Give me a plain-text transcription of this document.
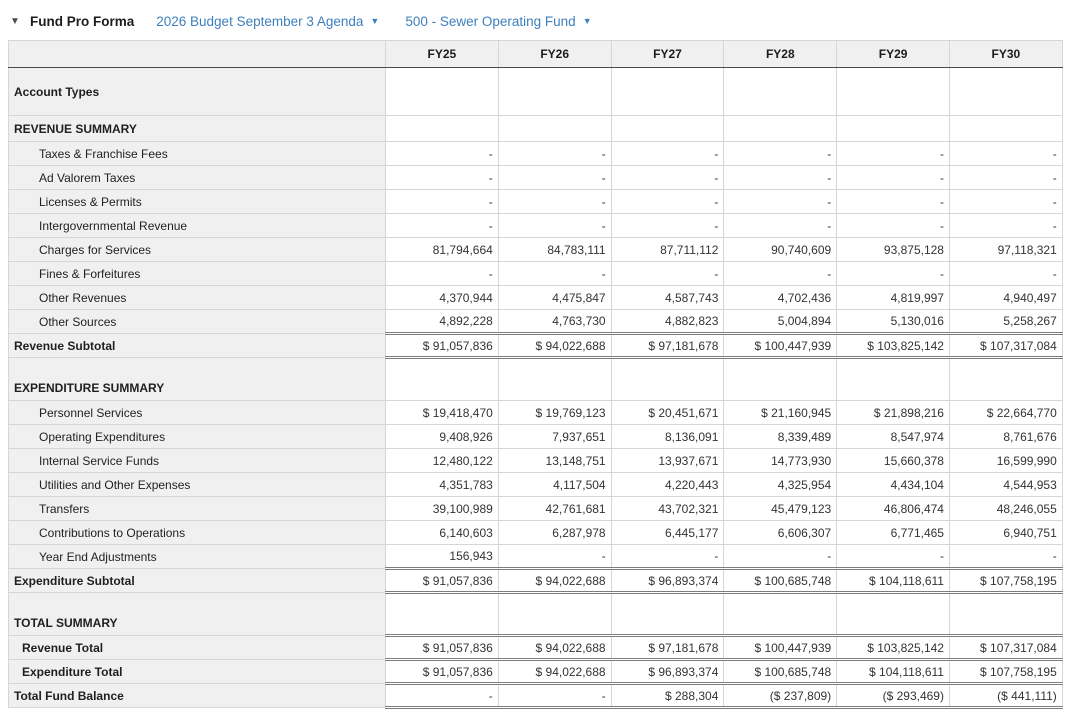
▼ Fund Pro Forma 2026 Budget September 3 Agenda ▼ 500 - Sewer Operating Fund ▼
	FY25	FY26	FY27	FY28	FY29	FY30
Account Types						
REVENUE SUMMARY						
Taxes & Franchise Fees	-	-	-	-	-	-
Ad Valorem Taxes	-	-	-	-	-	-
Licenses & Permits	-	-	-	-	-	-
Intergovernmental Revenue	-	-	-	-	-	-
Charges for Services	81,794,664	84,783,111	87,711,112	90,740,609	93,875,128	97,118,321
Fines & Forfeitures	-	-	-	-	-	-
Other Revenues	4,370,944	4,475,847	4,587,743	4,702,436	4,819,997	4,940,497
Other Sources	4,892,228	4,763,730	4,882,823	5,004,894	5,130,016	5,258,267
Revenue Subtotal	$ 91,057,836	$ 94,022,688	$ 97,181,678	$ 100,447,939	$ 103,825,142	$ 107,317,084
EXPENDITURE SUMMARY						
Personnel Services	$ 19,418,470	$ 19,769,123	$ 20,451,671	$ 21,160,945	$ 21,898,216	$ 22,664,770
Operating Expenditures	9,408,926	7,937,651	8,136,091	8,339,489	8,547,974	8,761,676
Internal Service Funds	12,480,122	13,148,751	13,937,671	14,773,930	15,660,378	16,599,990
Utilities and Other Expenses	4,351,783	4,117,504	4,220,443	4,325,954	4,434,104	4,544,953
Transfers	39,100,989	42,761,681	43,702,321	45,479,123	46,806,474	48,246,055
Contributions to Operations	6,140,603	6,287,978	6,445,177	6,606,307	6,771,465	6,940,751
Year End Adjustments	156,943	-	-	-	-	-
Expenditure Subtotal	$ 91,057,836	$ 94,022,688	$ 96,893,374	$ 100,685,748	$ 104,118,611	$ 107,758,195
TOTAL SUMMARY						
Revenue Total	$ 91,057,836	$ 94,022,688	$ 97,181,678	$ 100,447,939	$ 103,825,142	$ 107,317,084
Expenditure Total	$ 91,057,836	$ 94,022,688	$ 96,893,374	$ 100,685,748	$ 104,118,611	$ 107,758,195
Total Fund Balance	-	-	$ 288,304	($ 237,809)	($ 293,469)	($ 441,111)
